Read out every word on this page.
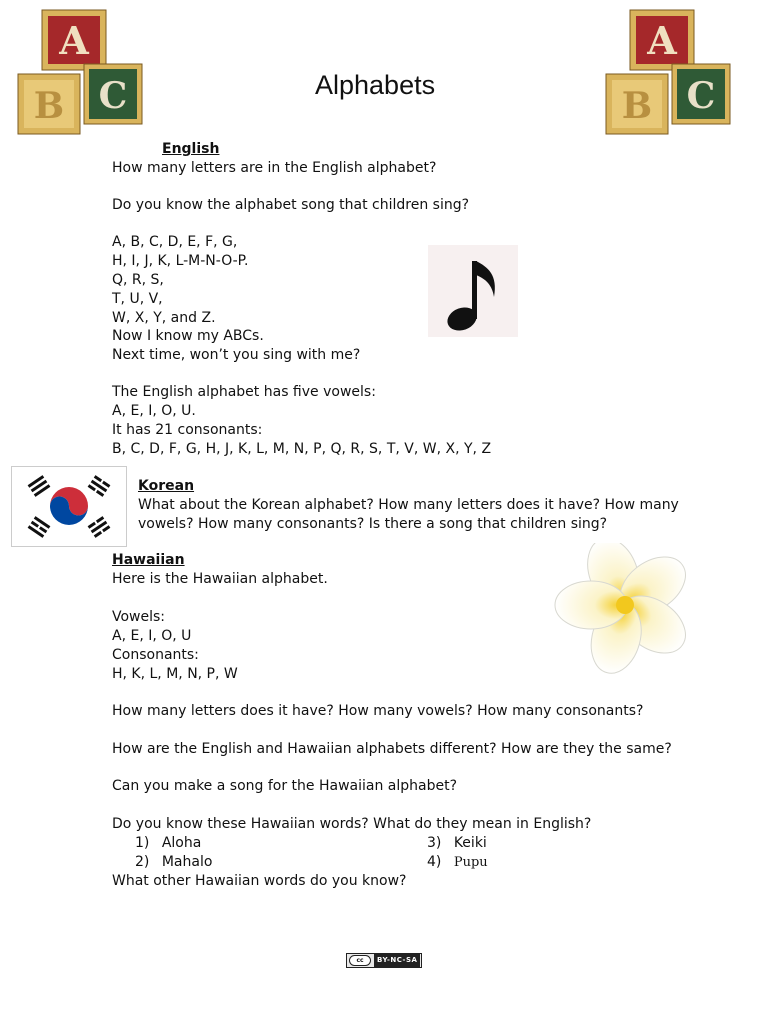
A
B C
A
B C
Alphabets
English
How many letters are in the English alphabet?
Do you know the alphabet song that children sing?
A, B, C, D, E, F, G,
H, I, J, K, L-M-N-O-P.
Q, R, S,
T, U, V,
W, X, Y, and Z.
Now I know my ABCs.
Next time, won’t you sing with me?
The English alphabet has five vowels:
A, E, I, O, U.
It has 21 consonants:
B, C, D, F, G, H, J, K, L, M, N, P, Q, R, S, T, V, W, X, Y, Z
Korean
What about the Korean alphabet? How many letters does it have? How many
vowels? How many consonants? Is there a song that children sing?
Hawaiian
Here is the Hawaiian alphabet.
Vowels:
A, E, I, O, U
Consonants:
H, K, L, M, N, P, W
How many letters does it have? How many vowels? How many consonants?
How are the English and Hawaiian alphabets different? How are they the same?
Can you make a song for the Hawaiian alphabet?
Do you know these Hawaiian words? What do they mean in English?
1) Aloha
2) Mahalo
3) Keiki
4) Pupu
What other Hawaiian words do you know?
cc	BY-NC-SA
